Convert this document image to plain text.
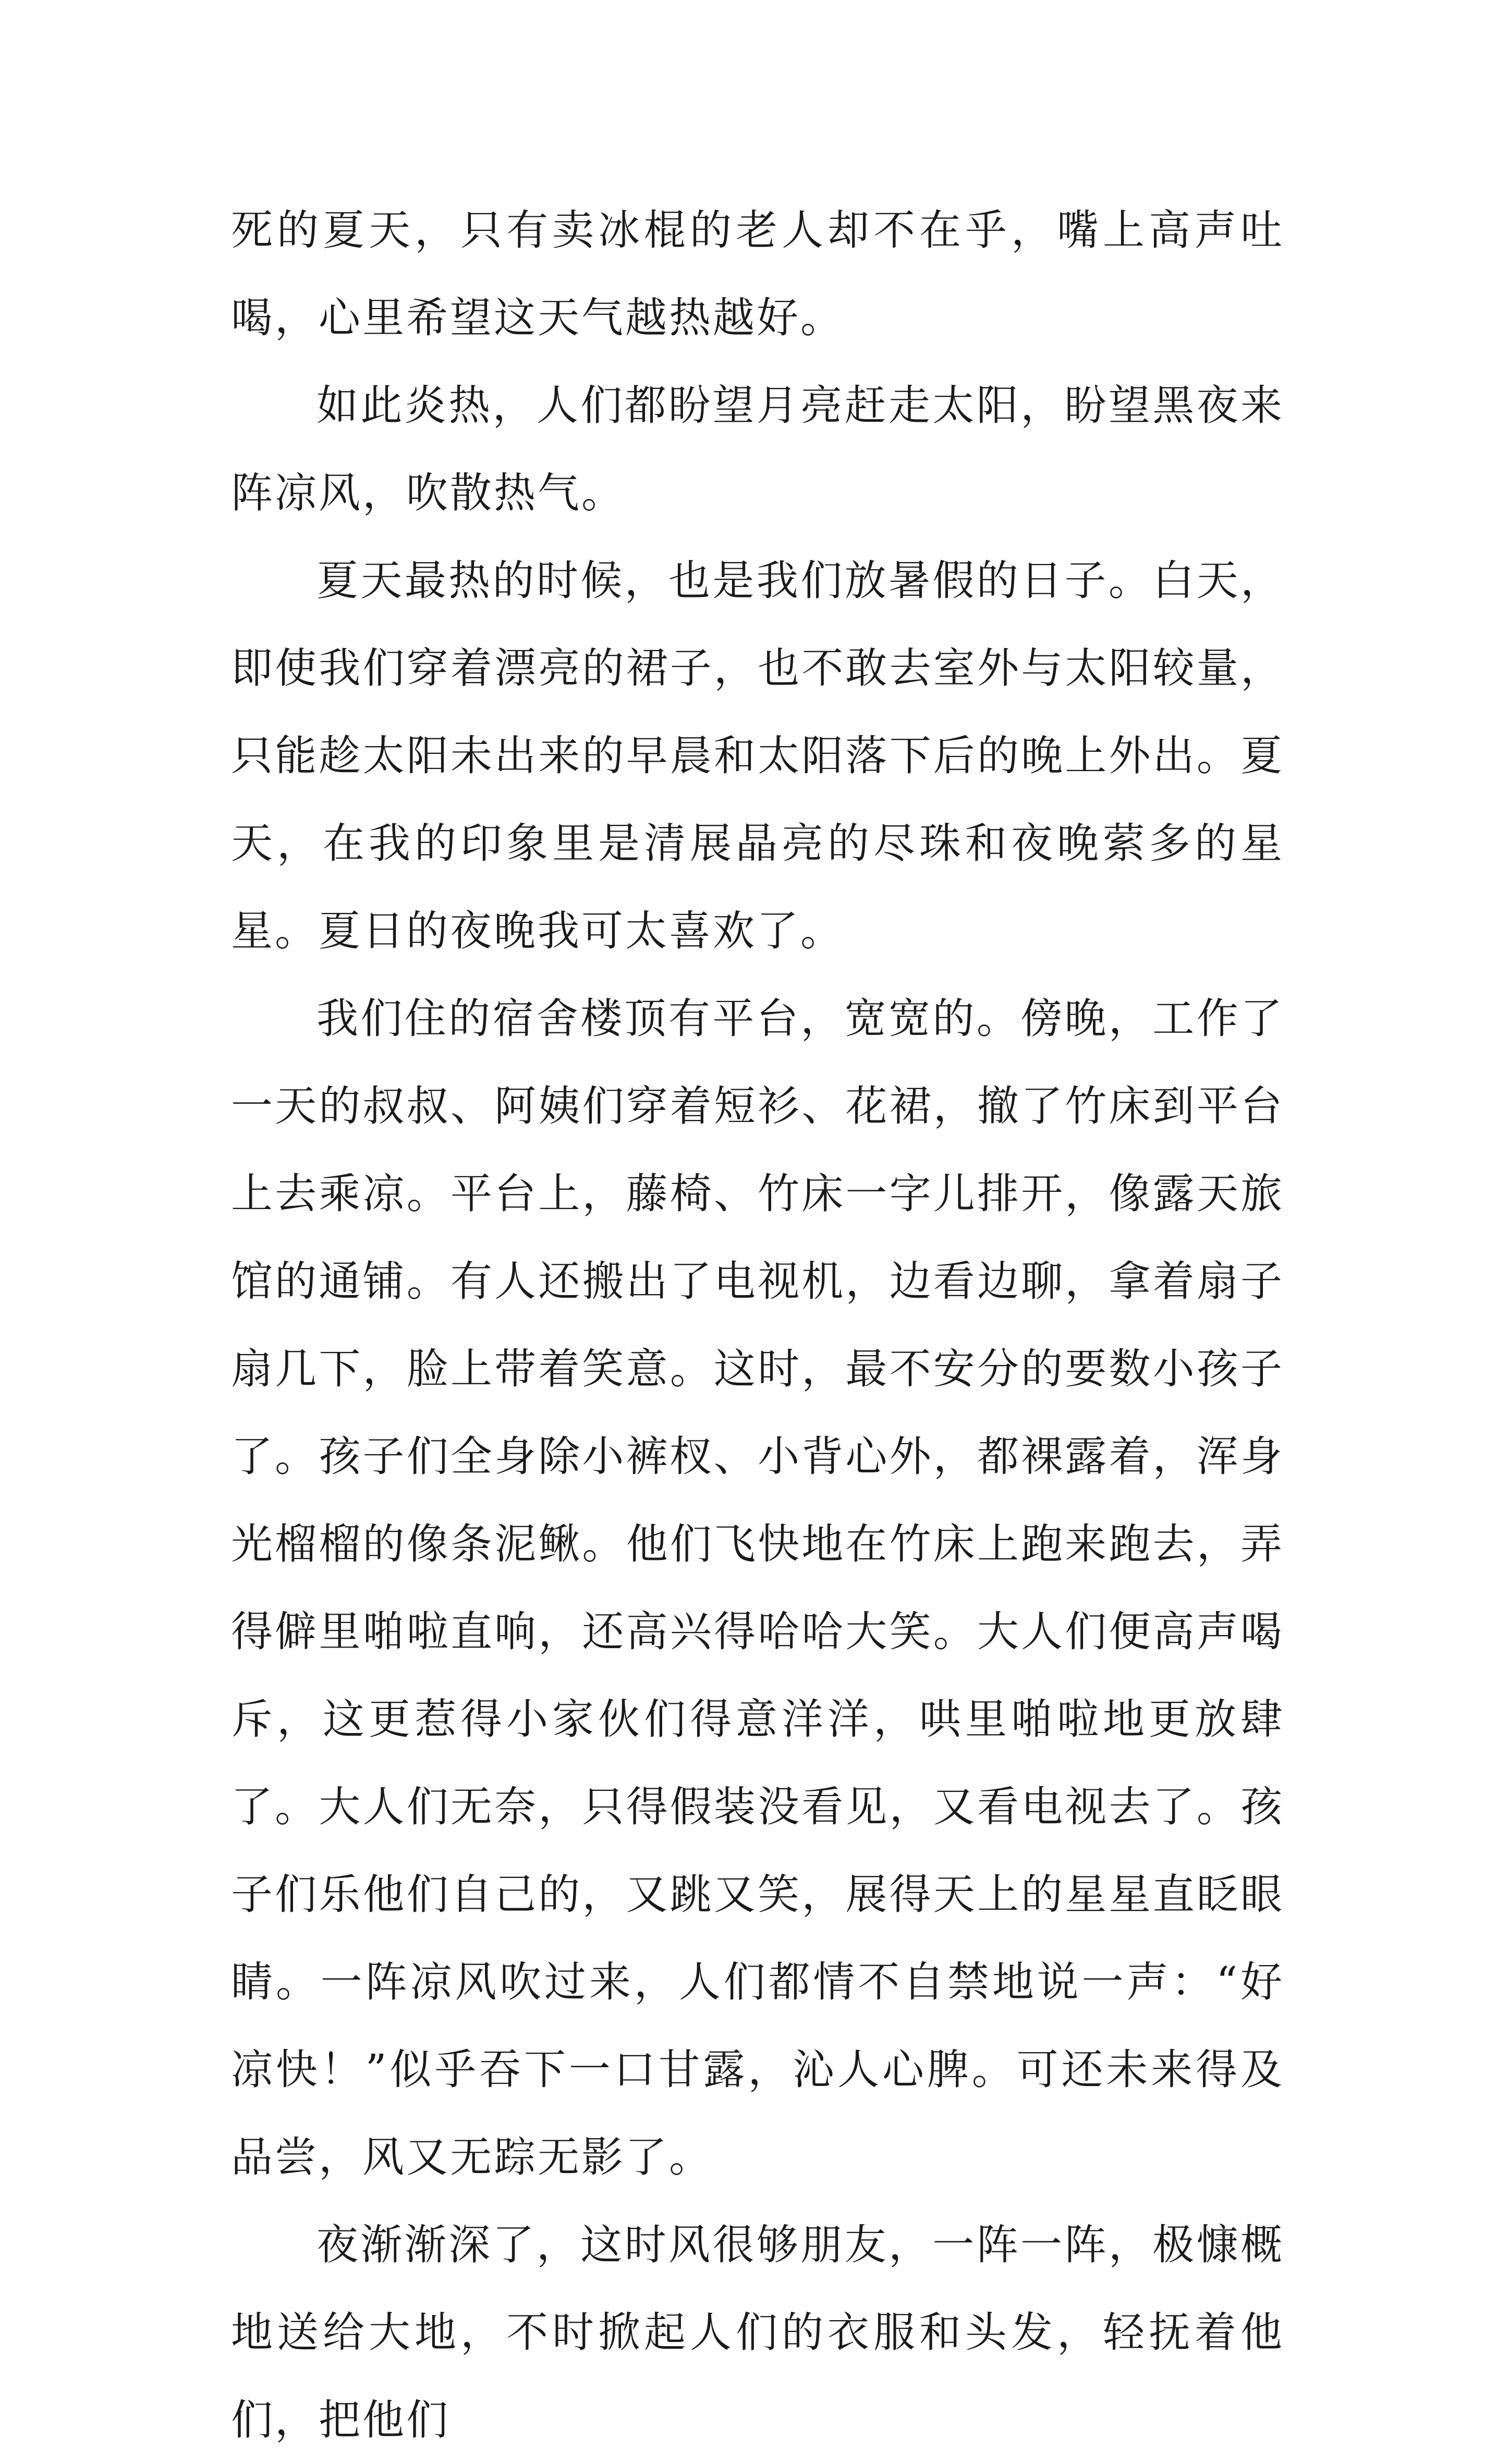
死的夏天，只有卖冰棍的老人却不在乎，嘴上高声吐喝，心里希望这天气越热越好。

如此炎热，人们都盼望月亮赶走太阳，盼望黑夜来阵凉风，吹散热气。

夏天最热的时候，也是我们放暑假的日子。白天，即使我们穿着漂亮的裙子，也不敢去室外与太阳较量，只能趁太阳未出来的早晨和太阳落下后的晚上外出。夏天，在我的印象里是清展晶亮的尽珠和夜晚萦多的星星。夏日的夜晚我可太喜欢了。

我们住的宿舍楼顶有平台，宽宽的。傍晚，工作了一天的叔叔、阿姨们穿着短衫、花裙，撤了竹床到平台上去乘凉。平台上，藤椅、竹床一字儿排开，像露天旅馆的通铺。有人还搬出了电视机，边看边聊，拿着扇子扇几下，脸上带着笑意。这时，最不安分的要数小孩子了。孩子们全身除小裤杈、小背心外，都裸露着，浑身光榴榴的像条泥鳅。他们飞快地在竹床上跑来跑去，弄得僻里啪啦直响，还高兴得哈哈大笑。大人们便高声喝斥，这更惹得小家伙们得意洋洋，哄里啪啦地更放肆了。大人们无奈，只得假装没看见，又看电视去了。孩子们乐他们自己的，又跳又笑，展得天上的星星直眨眼睛。一阵凉风吹过来，人们都情不自禁地说一声：“好凉快！”似乎吞下一口甘露，沁人心脾。可还未来得及品尝，风又无踪无影了。

夜渐渐深了，这时风很够朋友，一阵一阵，极慷概地送给大地，不时掀起人们的衣服和头发，轻抚着他们，把他们
